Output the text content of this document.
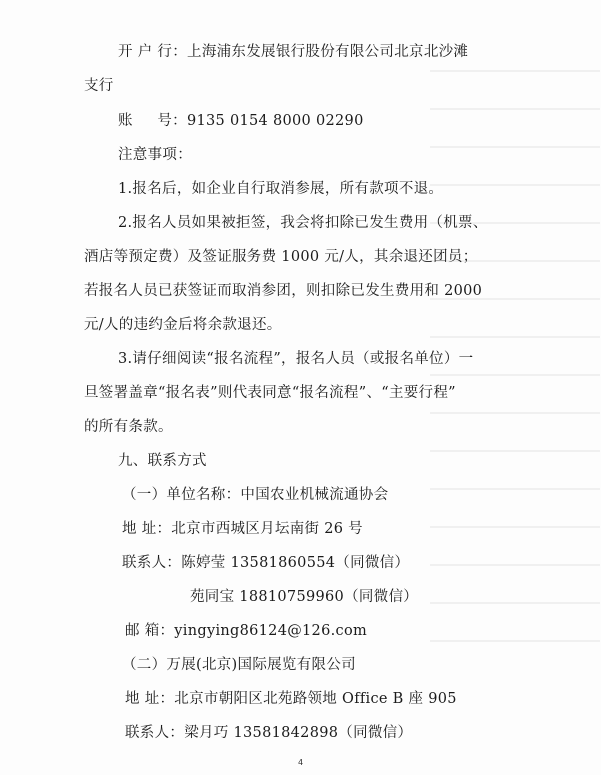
开 户 行：上海浦东发展银行股份有限公司北京北沙滩
支行
账     号：9135 0154 8000 02290
注意事项：
1.报名后，如企业自行取消参展，所有款项不退。
2.报名人员如果被拒签，我会将扣除已发生费用（机票、
酒店等预定费）及签证服务费 1000 元/人，其余退还团员；
若报名人员已获签证而取消参团，则扣除已发生费用和 2000
元/人的违约金后将余款退还。
3.请仔细阅读“报名流程”，报名人员（或报名单位）一
旦签署盖章“报名表”则代表同意“报名流程”、“主要行程”
的所有条款。
九、联系方式
（一）单位名称：中国农业机械流通协会
地 址：北京市西城区月坛南街 26 号
联系人：陈婷莹 13581860554（同微信）
苑同宝 18810759960（同微信）
邮 箱：yingying86124@126.com
（二）万展(北京)国际展览有限公司
地 址：北京市朝阳区北苑路领地 Office B 座 905
联系人：梁月巧 13581842898（同微信）
4
